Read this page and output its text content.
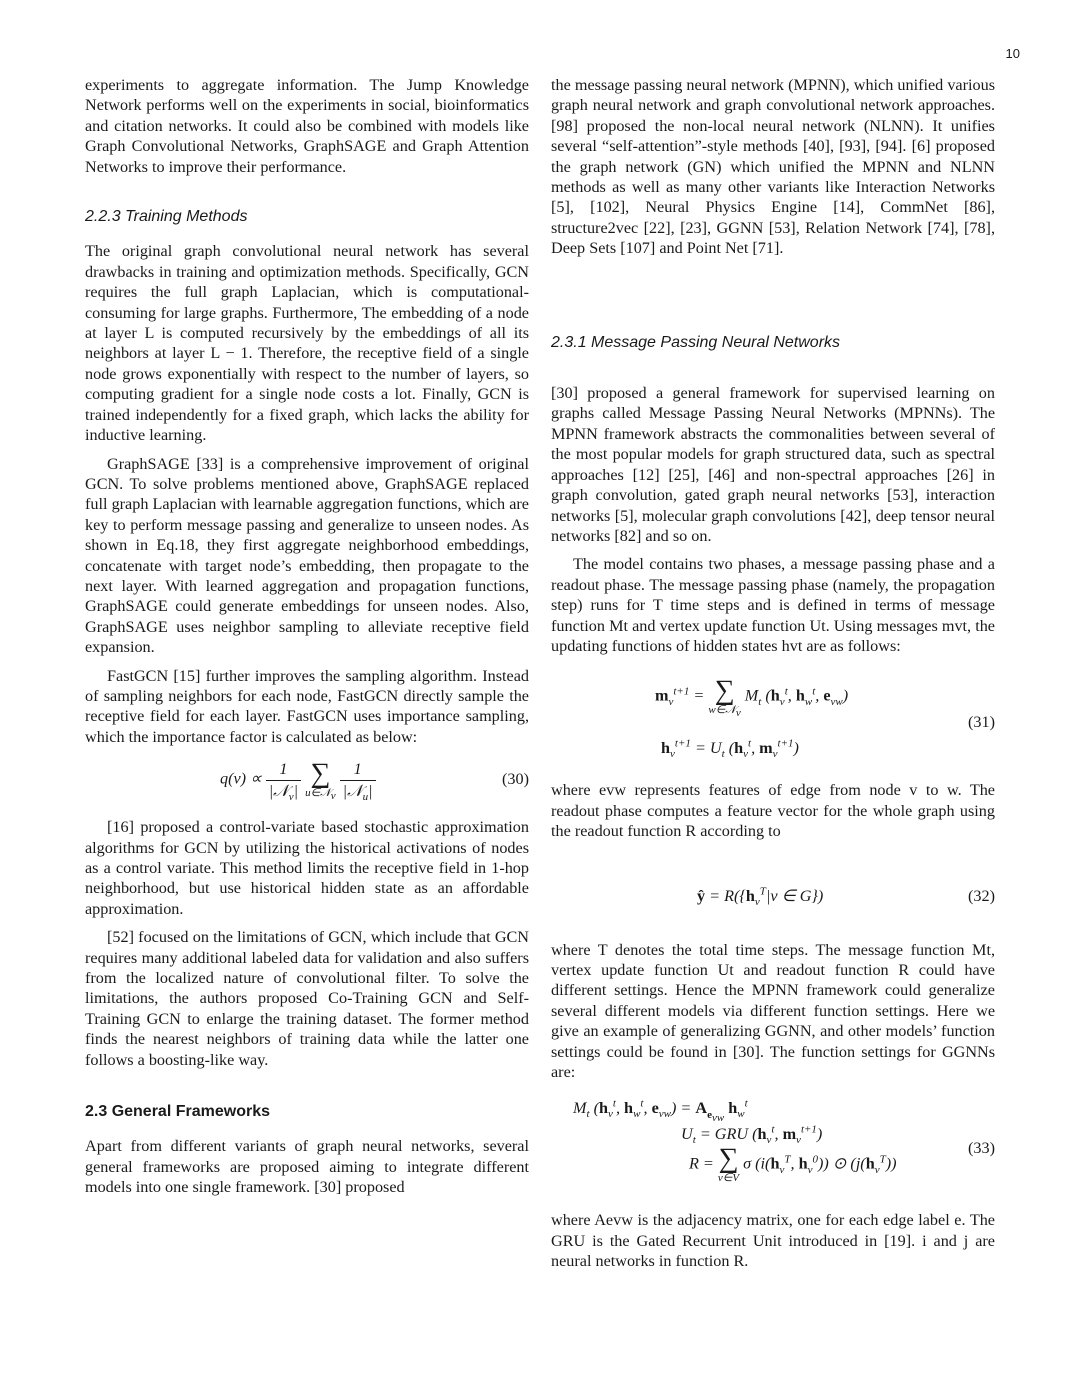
10

experiments to aggregate information. The Jump Knowledge Network performs well on the experiments in social, bioinformatics and citation networks. It could also be combined with models like Graph Convolutional Networks, GraphSAGE and Graph Attention Networks to improve their performance.

2.2.3 Training Methods

The original graph convolutional neural network has several drawbacks in training and optimization methods. Specifically, GCN requires the full graph Laplacian, which is computational-consuming for large graphs. Furthermore, The embedding of a node at layer L is computed recursively by the embeddings of all its neighbors at layer L − 1. Therefore, the receptive field of a single node grows exponentially with respect to the number of layers, so computing gradient for a single node costs a lot. Finally, GCN is trained independently for a fixed graph, which lacks the ability for inductive learning.

GraphSAGE [33] is a comprehensive improvement of original GCN. To solve problems mentioned above, GraphSAGE replaced full graph Laplacian with learnable aggregation functions, which are key to perform message passing and generalize to unseen nodes. As shown in Eq.18, they first aggregate neighborhood embeddings, concatenate with target node’s embedding, then propagate to the next layer. With learned aggregation and propagation functions, GraphSAGE could generate embeddings for unseen nodes. Also, GraphSAGE uses neighbor sampling to alleviate receptive field expansion.

FastGCN [15] further improves the sampling algorithm. Instead of sampling neighbors for each node, FastGCN directly sample the receptive field for each layer. FastGCN uses importance sampling, which the importance factor is calculated as below:

$q(v) \propto \frac{1}{|𝒩_v|}$
∑
u∈𝒩$_v$
$\frac{1}{|𝒩_u|}$	(30)

[16] proposed a control-variate based stochastic approximation algorithms for GCN by utilizing the historical activations of nodes as a control variate. This method limits the receptive field in 1-hop neighborhood, but use historical hidden state as an affordable approximation.

[52] focused on the limitations of GCN, which include that GCN requires many additional labeled data for validation and also suffers from the localized nature of convolutional filter. To solve the limitations, the authors proposed Co-Training GCN and Self-Training GCN to enlarge the training dataset. The former method finds the nearest neighbors of training data while the latter one follows a boosting-like way.

2.3 General Frameworks

Apart from different variants of graph neural networks, several general frameworks are proposed aiming to integrate different models into one single framework. [30] proposed

the message passing neural network (MPNN), which unified various graph neural network and graph convolutional network approaches. [98] proposed the non-local neural network (NLNN). It unifies several “self-attention”-style methods [40], [93], [94]. [6] proposed the graph network (GN) which unified the MPNN and NLNN methods as well as many other variants like Interaction Networks [5], [102], Neural Physics Engine [14], CommNet [86], structure2vec [22], [23], GGNN [53], Relation Network [74], [78], Deep Sets [107] and Point Net [71].

2.3.1 Message Passing Neural Networks

[30] proposed a general framework for supervised learning on graphs called Message Passing Neural Networks (MPNNs). The MPNN framework abstracts the commonalities between several of the most popular models for graph structured data, such as spectral approaches [12] [25], [46] and non-spectral approaches [26] in graph convolution, gated graph neural networks [53], interaction networks [5], molecular graph convolutions [42], deep tensor neural networks [82] and so on.

The model contains two phases, a message passing phase and a readout phase. The message passing phase (namely, the propagation step) runs for T time steps and is defined in terms of message function Mt and vertex update function Ut. Using messages mvt, the updating functions of hidden states hvt are as follows:

$m_v^{t+1}$ = ∑
w∈𝒩$_v$
$M_t$ ($h_v^t$, $h_w^t$, $e_{vw}$)
$h_v^{t+1} = U_t$ ($h_v^t$, $m_v^{t+1}$)
(31)

where evw represents features of edge from node v to w. The readout phase computes a feature vector for the whole graph using the readout function R according to

ŷ = $R(\{h_v^T|v$ ∈ G})	(32)

where T denotes the total time steps. The message function Mt, vertex update function Ut and readout function R could have different settings. Hence the MPNN framework could generalize several different models via different function settings. Here we give an example of generalizing GGNN, and other models’ function settings could be found in [30]. The function settings for GGNNs are:

$M_t$ ($h_v^t$, $h_w^t$, $e_{vw}) = A_{e_{vw}}$ $h_w^t$
$U_t$ = GRU ($h_v^t$, $m_v^{t+1}$)
R = ∑
v∈V
σ ($i(h_v^T$, $h_v^0$)) ⊙ $(j(h_v^T))$
(33)

where Aevw is the adjacency matrix, one for each edge label e. The GRU is the Gated Recurrent Unit introduced in [19]. i and j are neural networks in function R.
